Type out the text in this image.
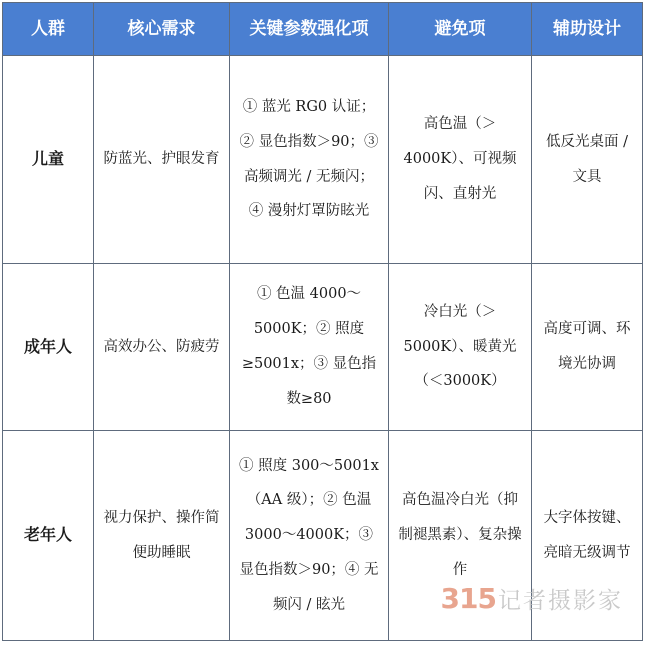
人群	核心需求	关键参数强化项	避免项	辅助设计
儿童	防蓝光、护眼发育	① 蓝光 RG0 认证；② 显色指数＞90；③ 高频调光 / 无频闪；④ 漫射灯罩防眩光	高色温（＞4000K）、可视频闪、直射光	低反光桌面 / 文具
成年人	高效办公、防疲劳	① 色温 4000～5000K；② 照度≥5001x；③ 显色指数≥80	冷白光（＞5000K）、暖黄光（＜3000K）	高度可调、环境光协调
老年人	视力保护、操作简便助睡眠	① 照度 300～5001x（AA 级）；② 色温 3000～4000K；③ 显色指数＞90；④ 无频闪 / 眩光	高色温冷白光（抑制褪黑素）、复杂操作	大字体按键、亮暗无级调节
315 记者摄影家
